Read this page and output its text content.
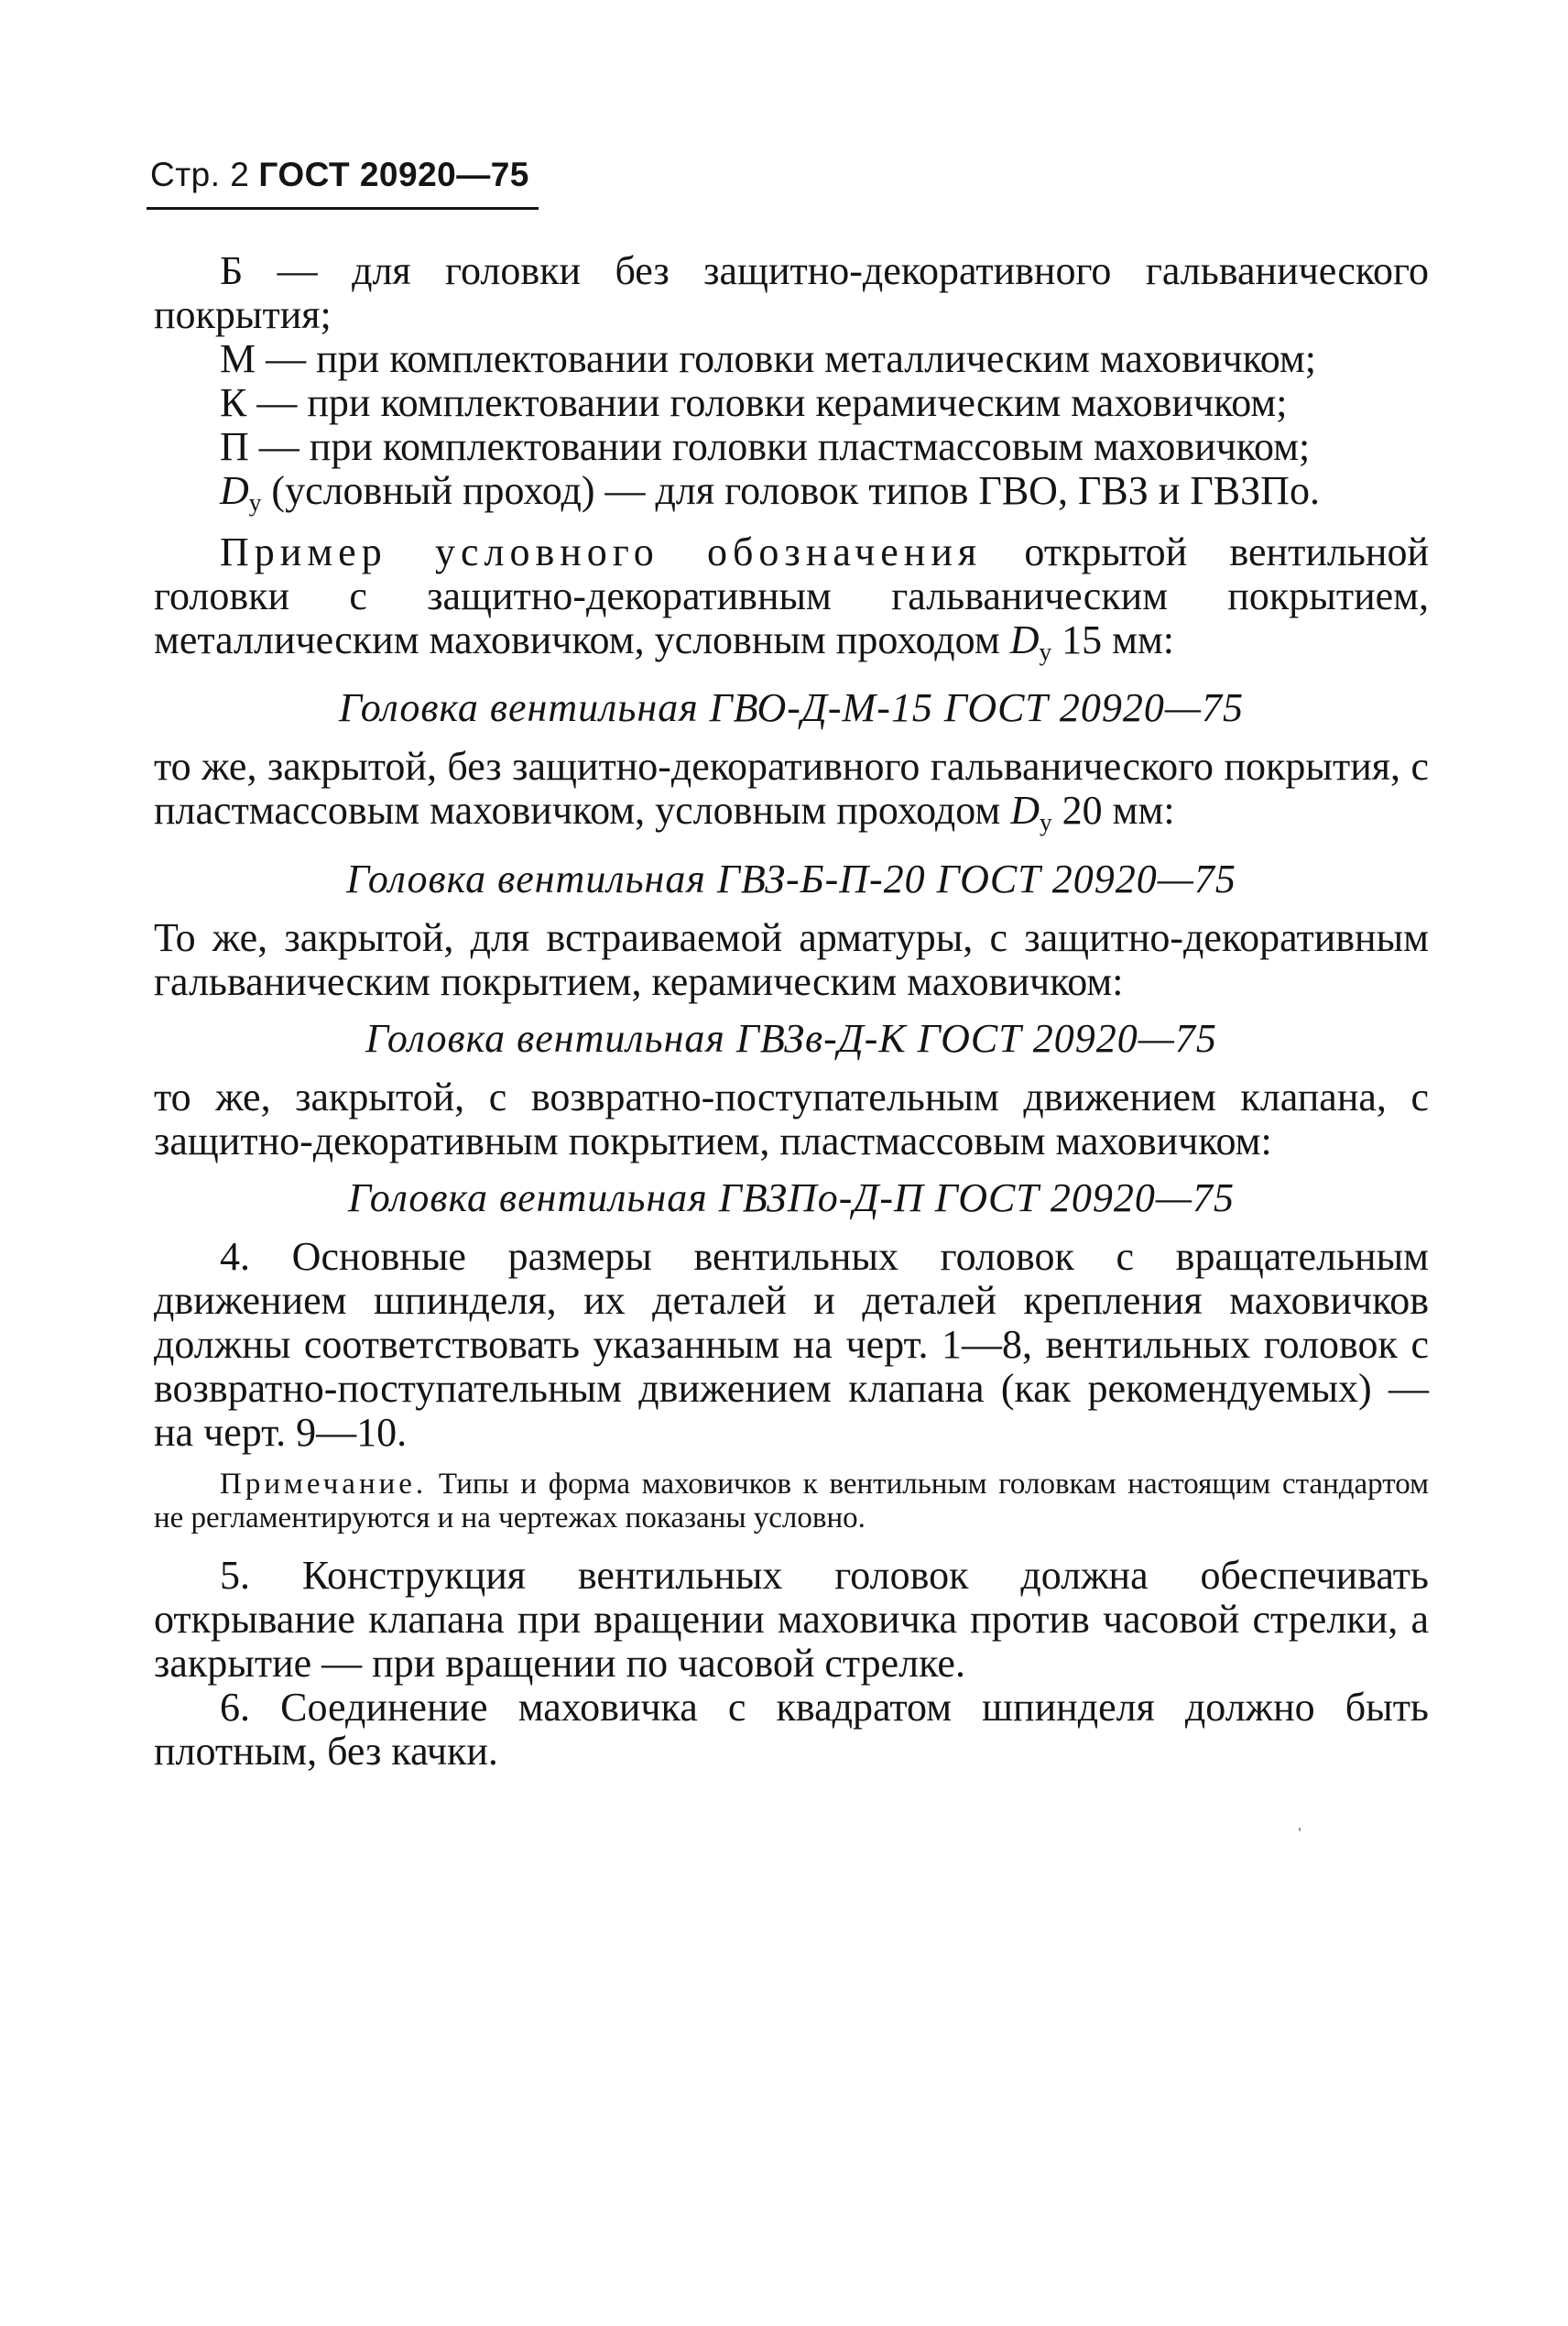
Стр. 2 ГОСТ 20920—75

Б — для головки без защитно-декоративного гальванического покрытия;

М — при комплектовании головки металлическим маховичком;

К — при комплектовании головки керамическим маховичком;

П — при комплектовании головки пластмассовым маховичком;

$D_у$ (условный проход) — для головок типов ГВО, ГВЗ и ГВЗПо.

Пример условного обозначения открытой вентильной головки с защитно-декоративным гальваническим покрытием, металлическим маховичком, условным проходом $D_у$ 15 мм:

Головка вентильная ГВО-Д-М-15 ГОСТ 20920—75

то же, закрытой, без защитно-декоративного гальванического покрытия, с пластмассовым маховичком, условным проходом $D_у$ 20 мм:

Головка вентильная ГВЗ-Б-П-20 ГОСТ 20920—75

То же, закрытой, для встраиваемой арматуры, с защитно-декоративным гальваническим покрытием, керамическим маховичком:

Головка вентильная ГВЗв-Д-К ГОСТ 20920—75

то же, закрытой, с возвратно-поступательным движением клапана, с защитно-декоративным покрытием, пластмассовым маховичком:

Головка вентильная ГВЗПо-Д-П ГОСТ 20920—75

4. Основные размеры вентильных головок с вращательным движением шпинделя, их деталей и деталей крепления маховичков должны соответствовать указанным на черт. 1—8, вентильных головок с возвратно-поступательным движением клапана (как рекомендуемых) — на черт. 9—10.

Примечание. Типы и форма маховичков к вентильным головкам настоящим стандартом не регламентируются и на чертежах показаны условно.

5. Конструкция вентильных головок должна обеспечивать открывание клапана при вращении маховичка против часовой стрелки, а закрытие — при вращении по часовой стрелке.

6. Соединение маховичка с квадратом шпинделя должно быть плотным, без качки.
